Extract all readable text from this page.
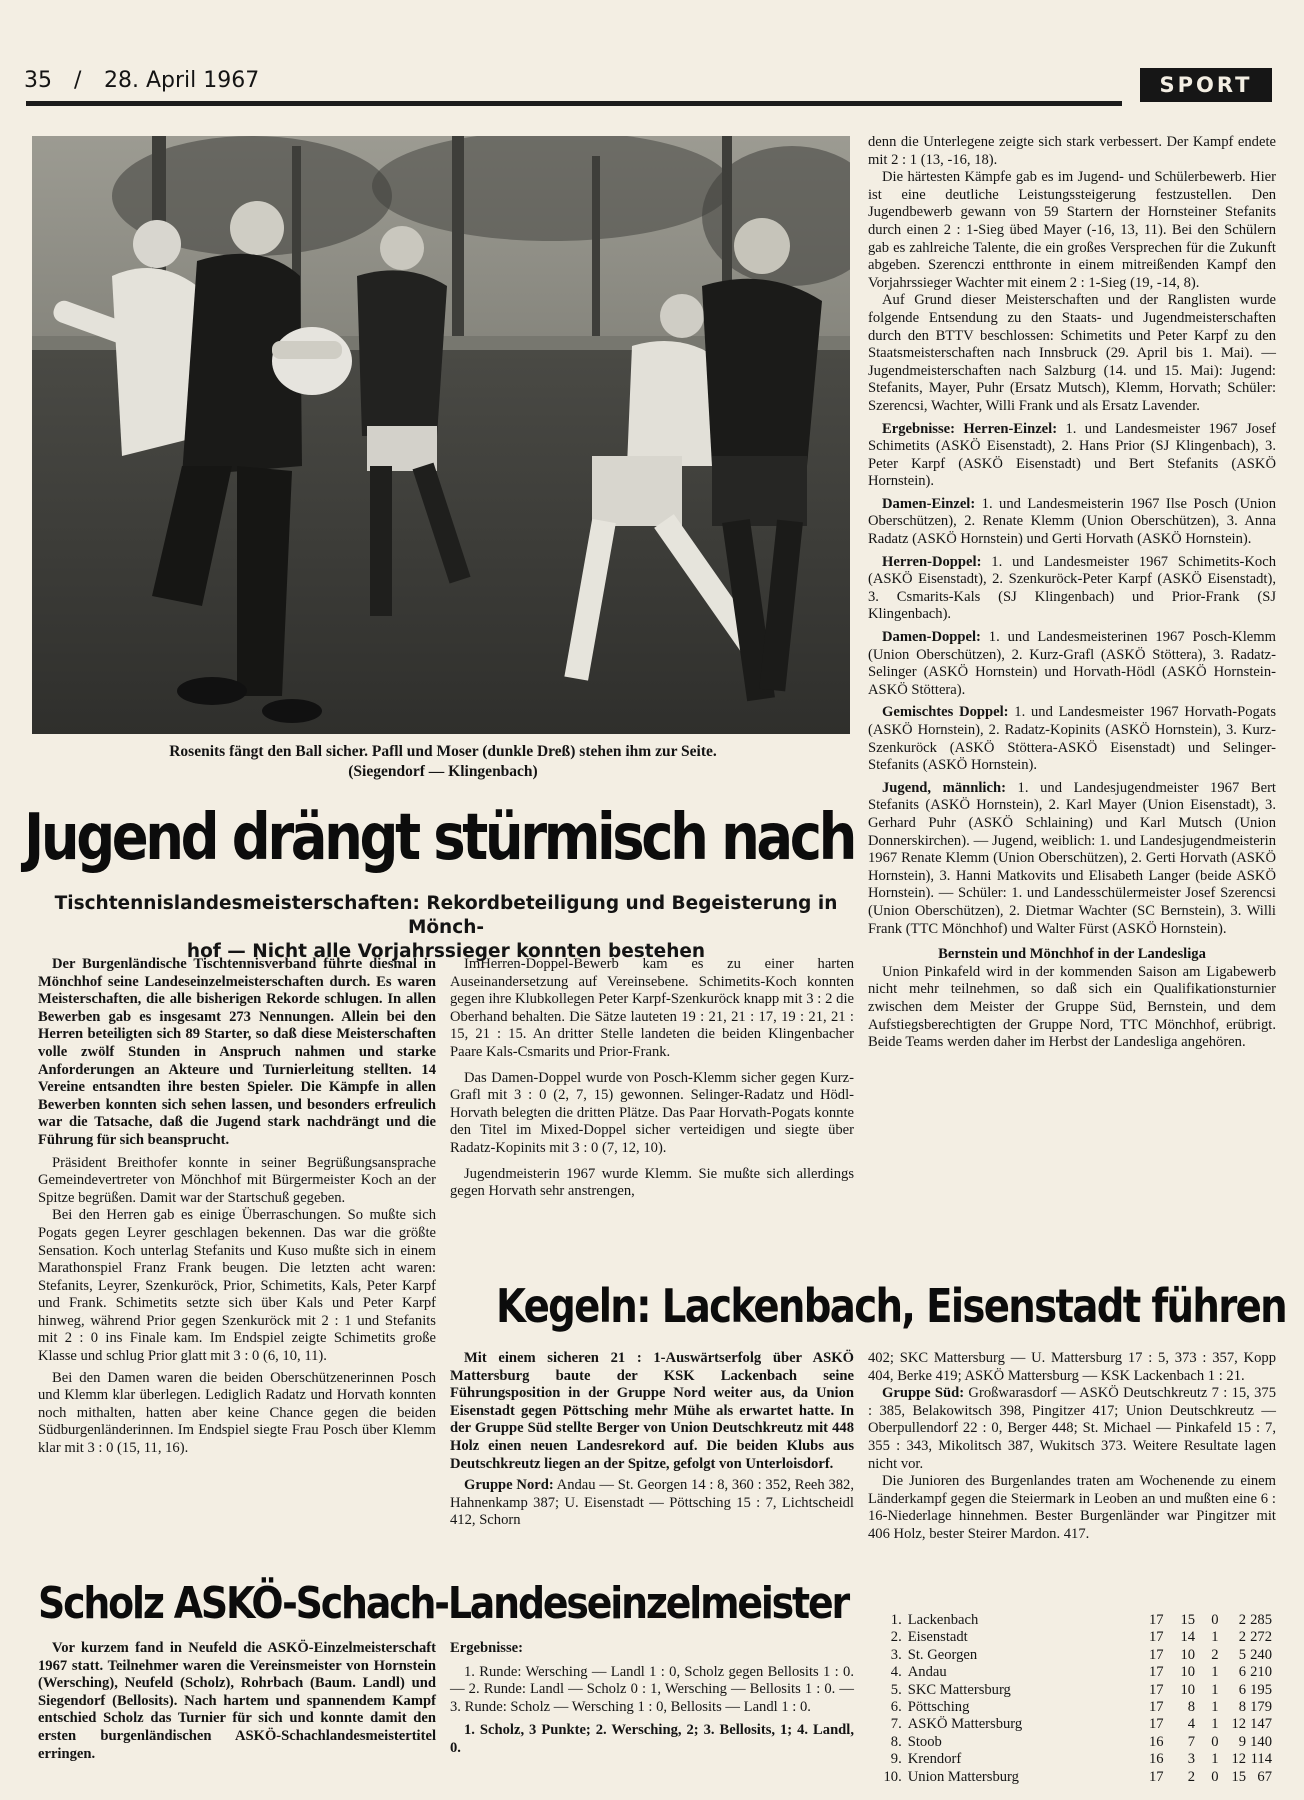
35 / 28. April 1967	SPORT
Rosenits fängt den Ball sicher. Pafll und Moser (dunkle Dreß) stehen ihm zur Seite.
(Siegendorf — Klingenbach)
Jugend drängt stürmisch nach
Tischtennislandesmeisterschaften: Rekordbeteiligung und Begeisterung in Mönch-
hof — Nicht alle Vorjahrssieger konnten bestehen

Der Burgenländische Tischtennisverband führte diesmal in Mönchhof seine Landeseinzelmeisterschaften durch. Es waren Meisterschaften, die alle bisherigen Rekorde schlugen. In allen Bewerben gab es insgesamt 273 Nennungen. Allein bei den Herren beteiligten sich 89 Starter, so daß diese Meisterschaften volle zwölf Stunden in Anspruch nahmen und starke Anforderungen an Akteure und Turnierleitung stellten. 14 Vereine entsandten ihre besten Spieler. Die Kämpfe in allen Bewerben konnten sich sehen lassen, und besonders erfreulich war die Tatsache, daß die Jugend stark nachdrängt und die Führung für sich beansprucht.

Präsident Breithofer konnte in seiner Begrüßungsansprache Gemeindevertreter von Mönchhof mit Bürgermeister Koch an der Spitze begrüßen. Damit war der Startschuß gegeben.

Bei den Herren gab es einige Überraschungen. So mußte sich Pogats gegen Leyrer geschlagen bekennen. Das war die größte Sensation. Koch unterlag Stefanits und Kuso mußte sich in einem Marathonspiel Franz Frank beugen. Die letzten acht waren: Stefanits, Leyrer, Szenkuröck, Prior, Schimetits, Kals, Peter Karpf und Frank. Schimetits setzte sich über Kals und Peter Karpf hinweg, während Prior gegen Szenkuröck mit 2 : 1 und Stefanits mit 2 : 0 ins Finale kam. Im Endspiel zeigte Schimetits große Klasse und schlug Prior glatt mit 3 : 0 (6, 10, 11).

Bei den Damen waren die beiden Oberschützenerinnen Posch und Klemm klar überlegen. Lediglich Radatz und Horvath konnten noch mithalten, hatten aber keine Chance gegen die beiden Südburgenländerinnen. Im Endspiel siegte Frau Posch über Klemm klar mit 3 : 0 (15, 11, 16).

ImHerren-Doppel-Bewerb kam es zu einer harten Auseinandersetzung auf Vereinsebene. Schimetits-Koch konnten gegen ihre Klubkollegen Peter Karpf-Szenkuröck knapp mit 3 : 2 die Oberhand behalten. Die Sätze lauteten 19 : 21, 21 : 17, 19 : 21, 21 : 15, 21 : 15. An dritter Stelle landeten die beiden Klingenbacher Paare Kals-Csmarits und Prior-Frank.

Das Damen-Doppel wurde von Posch-Klemm sicher gegen Kurz-Grafl mit 3 : 0 (2, 7, 15) gewonnen. Selinger-Radatz und Hödl-Horvath belegten die dritten Plätze. Das Paar Horvath-Pogats konnte den Titel im Mixed-Doppel sicher verteidigen und siegte über Radatz-Kopinits mit 3 : 0 (7, 12, 10).

Jugendmeisterin 1967 wurde Klemm. Sie mußte sich allerdings gegen Horvath sehr anstrengen,

denn die Unterlegene zeigte sich stark verbessert. Der Kampf endete mit 2 : 1 (13, -16, 18).

Die härtesten Kämpfe gab es im Jugend- und Schülerbewerb. Hier ist eine deutliche Leistungssteigerung festzustellen. Den Jugendbewerb gewann von 59 Startern der Hornsteiner Stefanits durch einen 2 : 1-Sieg übed Mayer (-16, 13, 11). Bei den Schülern gab es zahlreiche Talente, die ein großes Versprechen für die Zukunft abgeben. Szerenczi entthronte in einem mitreißenden Kampf den Vorjahrssieger Wachter mit einem 2 : 1-Sieg (19, -14, 8).

Auf Grund dieser Meisterschaften und der Ranglisten wurde folgende Entsendung zu den Staats- und Jugendmeisterschaften durch den BTTV beschlossen: Schimetits und Peter Karpf zu den Staatsmeisterschaften nach Innsbruck (29. April bis 1. Mai). — Jugendmeisterschaften nach Salzburg (14. und 15. Mai): Jugend: Stefanits, Mayer, Puhr (Ersatz Mutsch), Klemm, Horvath; Schüler: Szerencsi, Wachter, Willi Frank und als Ersatz Lavender.

Ergebnisse: Herren-Einzel: 1. und Landesmeister 1967 Josef Schimetits (ASKÖ Eisenstadt), 2. Hans Prior (SJ Klingenbach), 3. Peter Karpf (ASKÖ Eisenstadt) und Bert Stefanits (ASKÖ Hornstein).

Damen-Einzel: 1. und Landesmeisterin 1967 Ilse Posch (Union Oberschützen), 2. Renate Klemm (Union Oberschützen), 3. Anna Radatz (ASKÖ Hornstein) und Gerti Horvath (ASKÖ Hornstein).

Herren-Doppel: 1. und Landesmeister 1967 Schimetits-Koch (ASKÖ Eisenstadt), 2. Szenkuröck-Peter Karpf (ASKÖ Eisenstadt), 3. Csmarits-Kals (SJ Klingenbach) und Prior-Frank (SJ Klingenbach).

Damen-Doppel: 1. und Landesmeisterinen 1967 Posch-Klemm (Union Oberschützen), 2. Kurz-Grafl (ASKÖ Stöttera), 3. Radatz-Selinger (ASKÖ Hornstein) und Horvath-Hödl (ASKÖ Hornstein-ASKÖ Stöttera).

Gemischtes Doppel: 1. und Landesmeister 1967 Horvath-Pogats (ASKÖ Hornstein), 2. Radatz-Kopinits (ASKÖ Hornstein), 3. Kurz-Szenkuröck (ASKÖ Stöttera-ASKÖ Eisenstadt) und Selinger-Stefanits (ASKÖ Hornstein).

Jugend, männlich: 1. und Landesjugendmeister 1967 Bert Stefanits (ASKÖ Hornstein), 2. Karl Mayer (Union Eisenstadt), 3. Gerhard Puhr (ASKÖ Schlaining) und Karl Mutsch (Union Donnerskirchen). — Jugend, weiblich: 1. und Landesjugendmeisterin 1967 Renate Klemm (Union Oberschützen), 2. Gerti Horvath (ASKÖ Hornstein), 3. Hanni Matkovits und Elisabeth Langer (beide ASKÖ Hornstein). — Schüler: 1. und Landesschülermeister Josef Szerencsi (Union Oberschützen), 2. Dietmar Wachter (SC Bernstein), 3. Willi Frank (TTC Mönchhof) und Walter Fürst (ASKÖ Hornstein).

Bernstein und Mönchhof in der Landesliga

Union Pinkafeld wird in der kommenden Saison am Ligabewerb nicht mehr teilnehmen, so daß sich ein Qualifikationsturnier zwischen dem Meister der Gruppe Süd, Bernstein, und dem Aufstiegsberechtigten der Gruppe Nord, TTC Mönchhof, erübrigt. Beide Teams werden daher im Herbst der Landesliga angehören.

Kegeln: Lackenbach, Eisenstadt führen

Mit einem sicheren 21 : 1-Auswärtserfolg über ASKÖ Mattersburg baute der KSK Lackenbach seine Führungsposition in der Gruppe Nord weiter aus, da Union Eisenstadt gegen Pöttsching mehr Mühe als erwartet hatte. In der Gruppe Süd stellte Berger von Union Deutschkreutz mit 448 Holz einen neuen Landesrekord auf. Die beiden Klubs aus Deutschkreutz liegen an der Spitze, gefolgt von Unterloisdorf.

Gruppe Nord: Andau — St. Georgen 14 : 8, 360 : 352, Reeh 382, Hahnenkamp 387; U. Eisenstadt — Pöttsching 15 : 7, Lichtscheidl 412, Schorn

402; SKC Mattersburg — U. Mattersburg 17 : 5, 373 : 357, Kopp 404, Berke 419; ASKÖ Mattersburg — KSK Lackenbach 1 : 21.

Gruppe Süd: Großwarasdorf — ASKÖ Deutschkreutz 7 : 15, 375 : 385, Belakowitsch 398, Pingitzer 417; Union Deutschkreutz — Oberpullendorf 22 : 0, Berger 448; St. Michael — Pinkafeld 15 : 7, 355 : 343, Mikolitsch 387, Wukitsch 373. Weitere Resultate lagen nicht vor.

Die Junioren des Burgenlandes traten am Wochenende zu einem Länderkampf gegen die Steiermark in Leoben an und mußten eine 6 : 16-Niederlage hinnehmen. Bester Burgenländer war Pingitzer mit 406 Holz, bester Steirer Mardon. 417.

1.	Lackenbach	17	15	0	2	285
2.	Eisenstadt	17	14	1	2	272
3.	St. Georgen	17	10	2	5	240
4.	Andau	17	10	1	6	210
5.	SKC Mattersburg	17	10	1	6	195
6.	Pöttsching	17	8	1	8	179
7.	ASKÖ Mattersburg	17	4	1	12	147
8.	Stoob	16	7	0	9	140
9.	Krendorf	16	3	1	12	114
10.	Union Mattersburg	17	2	0	15	67
Scholz ASKÖ-Schach-Landeseinzelmeister

Vor kurzem fand in Neufeld die ASKÖ-Einzelmeisterschaft 1967 statt. Teilnehmer waren die Vereinsmeister von Hornstein (Wersching), Neufeld (Scholz), Rohrbach (Baum. Landl) und Siegendorf (Bellosits). Nach hartem und spannendem Kampf entschied Scholz das Turnier für sich und konnte damit den ersten burgenländischen ASKÖ-Schachlandesmeistertitel erringen.

Ergebnisse:

1. Runde: Wersching — Landl 1 : 0, Scholz gegen Bellosits 1 : 0. — 2. Runde: Landl — Scholz 0 : 1, Wersching — Bellosits 1 : 0. — 3. Runde: Scholz — Wersching 1 : 0, Bellosits — Landl 1 : 0.

1. Scholz, 3 Punkte; 2. Wersching, 2; 3. Bellosits, 1; 4. Landl, 0.
